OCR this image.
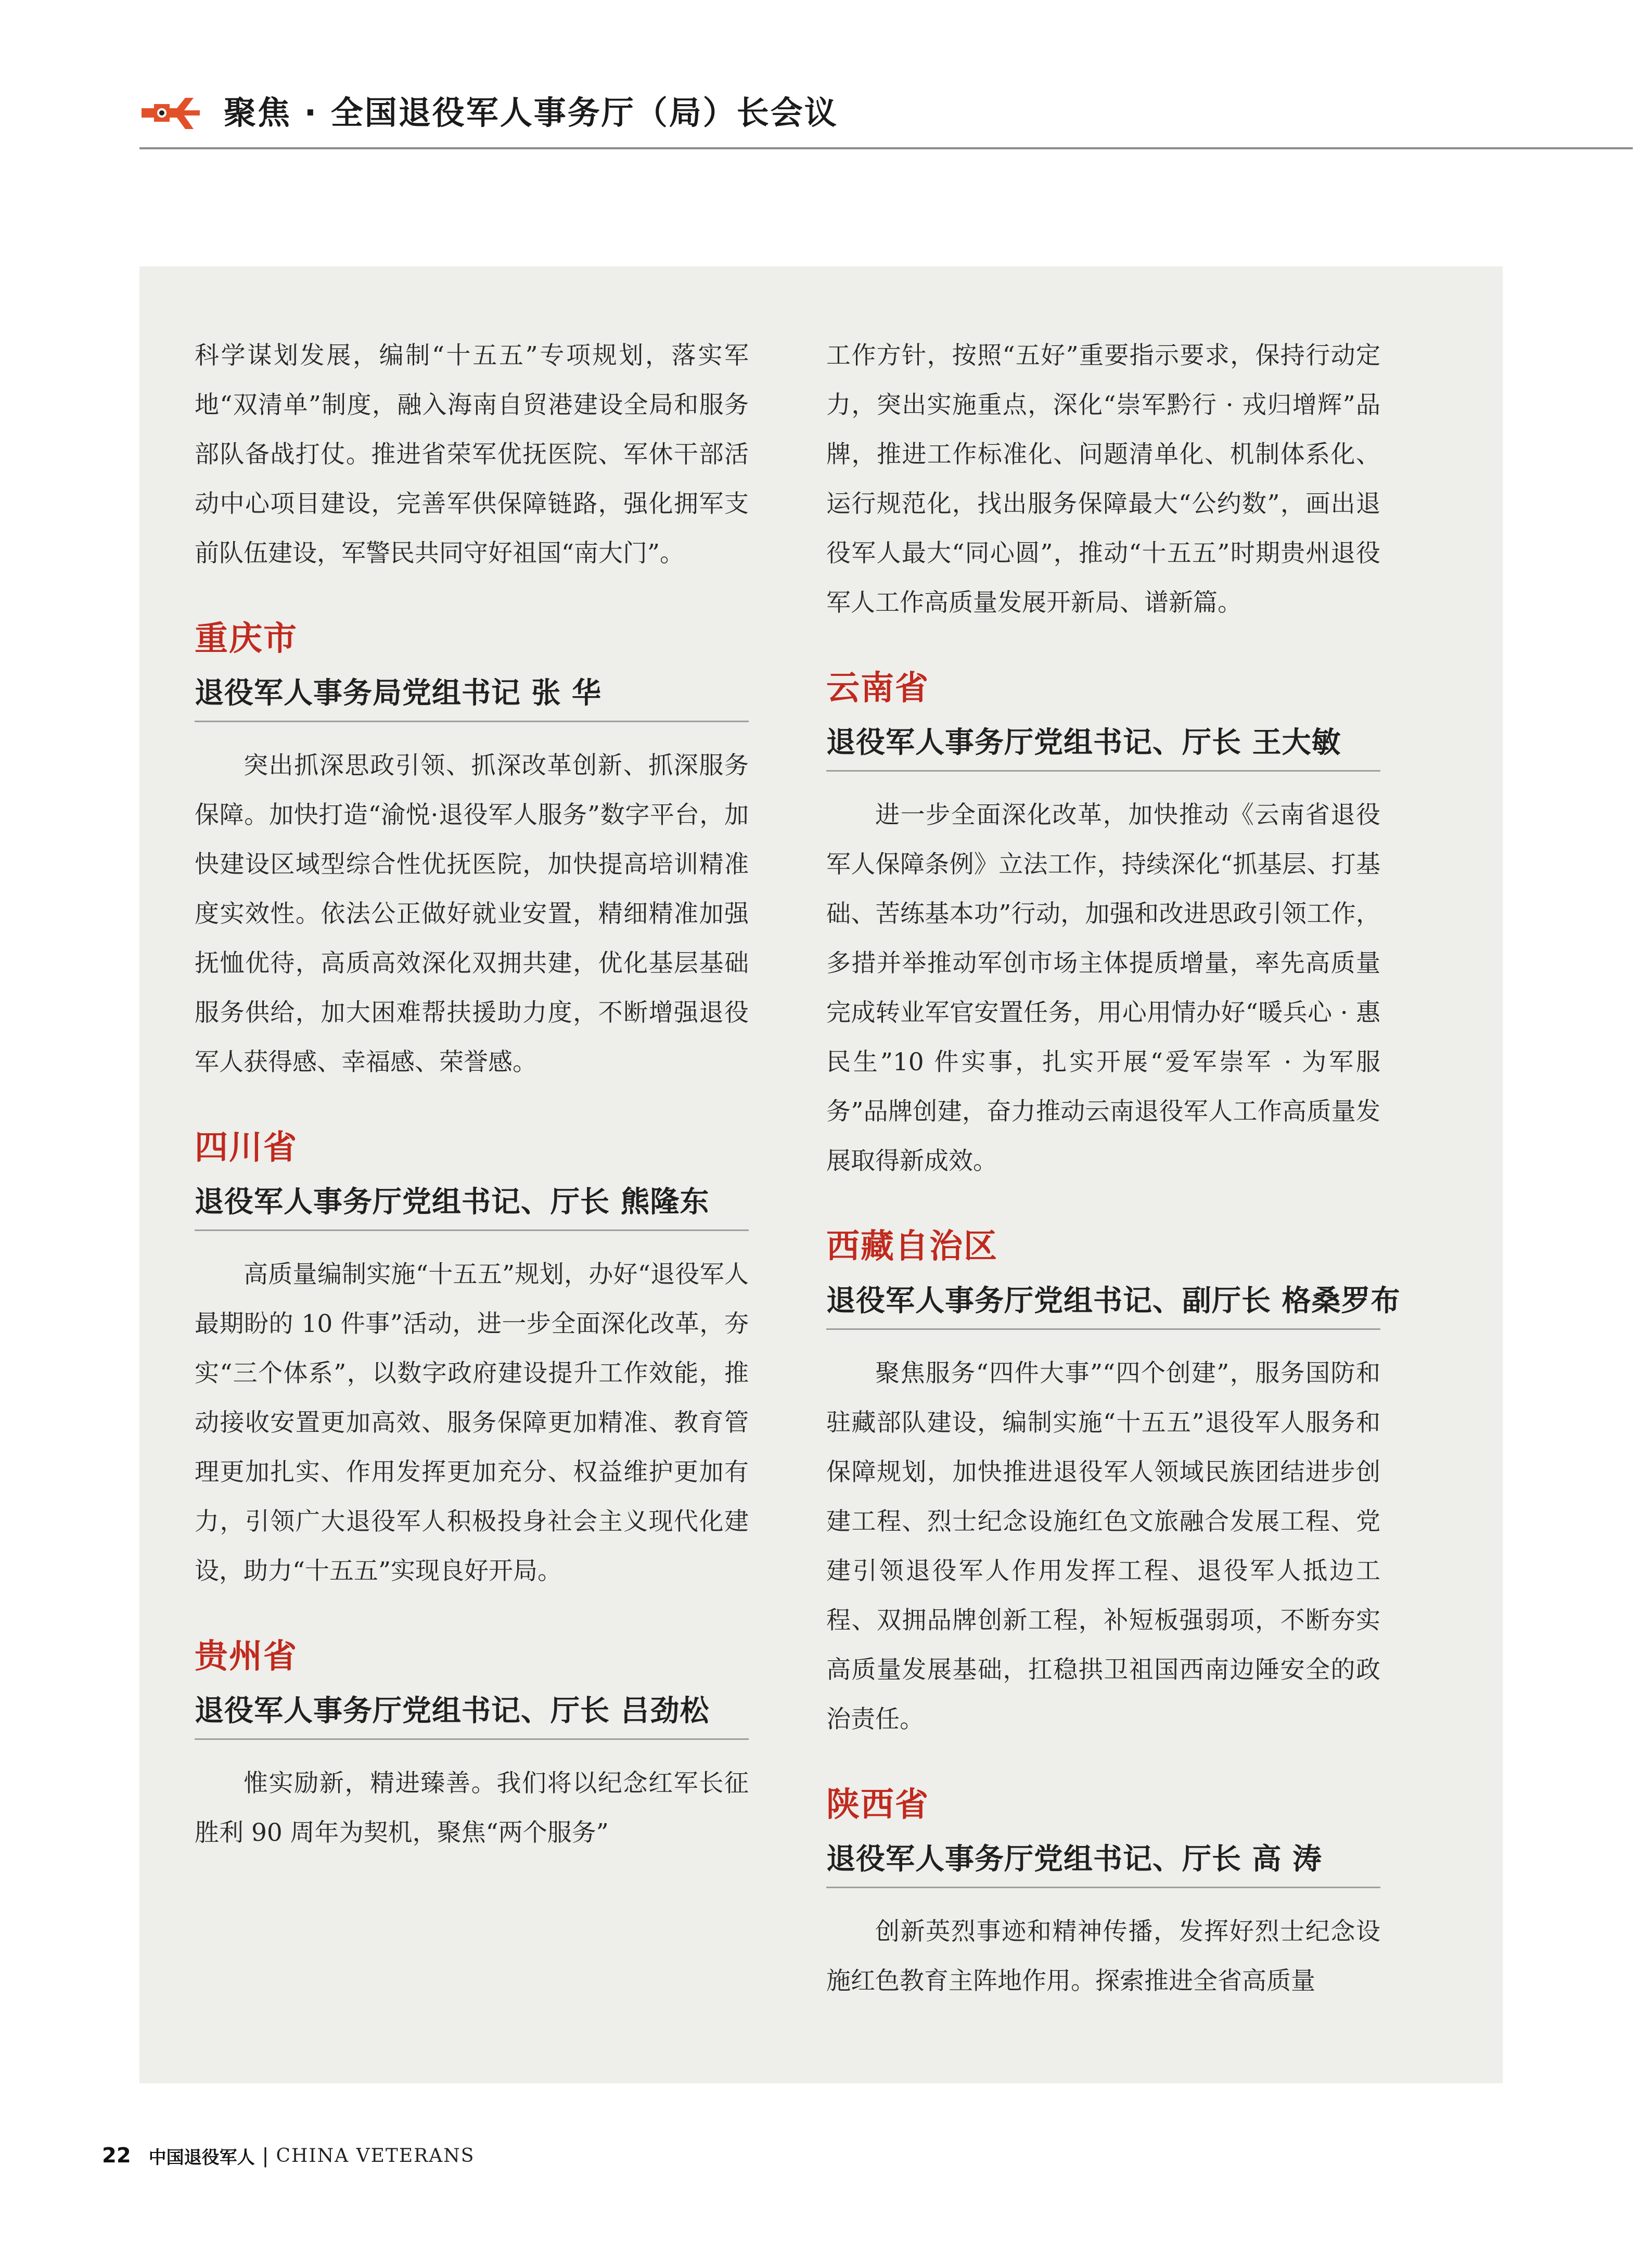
聚焦 · 全国退役军人事务厅（局）长会议

科学谋划发展，编制“十五五”专项规划，落实军地“双清单”制度，融入海南自贸港建设全局和服务部队备战打仗。推进省荣军优抚医院、军休干部活动中心项目建设，完善军供保障链路，强化拥军支前队伍建设，军警民共同守好祖国“南大门”。

重庆市
退役军人事务局党组书记 张 华

突出抓深思政引领、抓深改革创新、抓深服务保障。加快打造“渝悦·退役军人服务”数字平台，加快建设区域型综合性优抚医院，加快提高培训精准度实效性。依法公正做好就业安置，精细精准加强抚恤优待，高质高效深化双拥共建，优化基层基础服务供给，加大困难帮扶援助力度，不断增强退役军人获得感、幸福感、荣誉感。

四川省
退役军人事务厅党组书记、厅长 熊隆东

高质量编制实施“十五五”规划，办好“退役军人最期盼的 10 件事”活动，进一步全面深化改革，夯实“三个体系”，以数字政府建设提升工作效能，推动接收安置更加高效、服务保障更加精准、教育管理更加扎实、作用发挥更加充分、权益维护更加有力，引领广大退役军人积极投身社会主义现代化建设，助力“十五五”实现良好开局。

贵州省
退役军人事务厅党组书记、厅长 吕劲松

惟实励新，精进臻善。我们将以纪念红军长征胜利 90 周年为契机，聚焦“两个服务”

工作方针，按照“五好”重要指示要求，保持行动定力，突出实施重点，深化“崇军黔行 · 戎归增辉”品牌，推进工作标准化、问题清单化、机制体系化、运行规范化，找出服务保障最大“公约数”，画出退役军人最大“同心圆”，推动“十五五”时期贵州退役军人工作高质量发展开新局、谱新篇。

云南省
退役军人事务厅党组书记、厅长 王大敏

进一步全面深化改革，加快推动《云南省退役军人保障条例》立法工作，持续深化“抓基层、打基础、苦练基本功”行动，加强和改进思政引领工作，多措并举推动军创市场主体提质增量，率先高质量完成转业军官安置任务，用心用情办好“暖兵心 · 惠民生”10 件实事，扎实开展“爱军崇军 · 为军服务”品牌创建，奋力推动云南退役军人工作高质量发展取得新成效。

西藏自治区
退役军人事务厅党组书记、副厅长 格桑罗布

聚焦服务“四件大事”“四个创建”，服务国防和驻藏部队建设，编制实施“十五五”退役军人服务和保障规划，加快推进退役军人领域民族团结进步创建工程、烈士纪念设施红色文旅融合发展工程、党建引领退役军人作用发挥工程、退役军人抵边工程、双拥品牌创新工程，补短板强弱项，不断夯实高质量发展基础，扛稳拱卫祖国西南边陲安全的政治责任。

陕西省
退役军人事务厅党组书记、厅长 高 涛

创新英烈事迹和精神传播，发挥好烈士纪念设施红色教育主阵地作用。探索推进全省高质量

22 中国退役军人 | CHINA VETERANS
